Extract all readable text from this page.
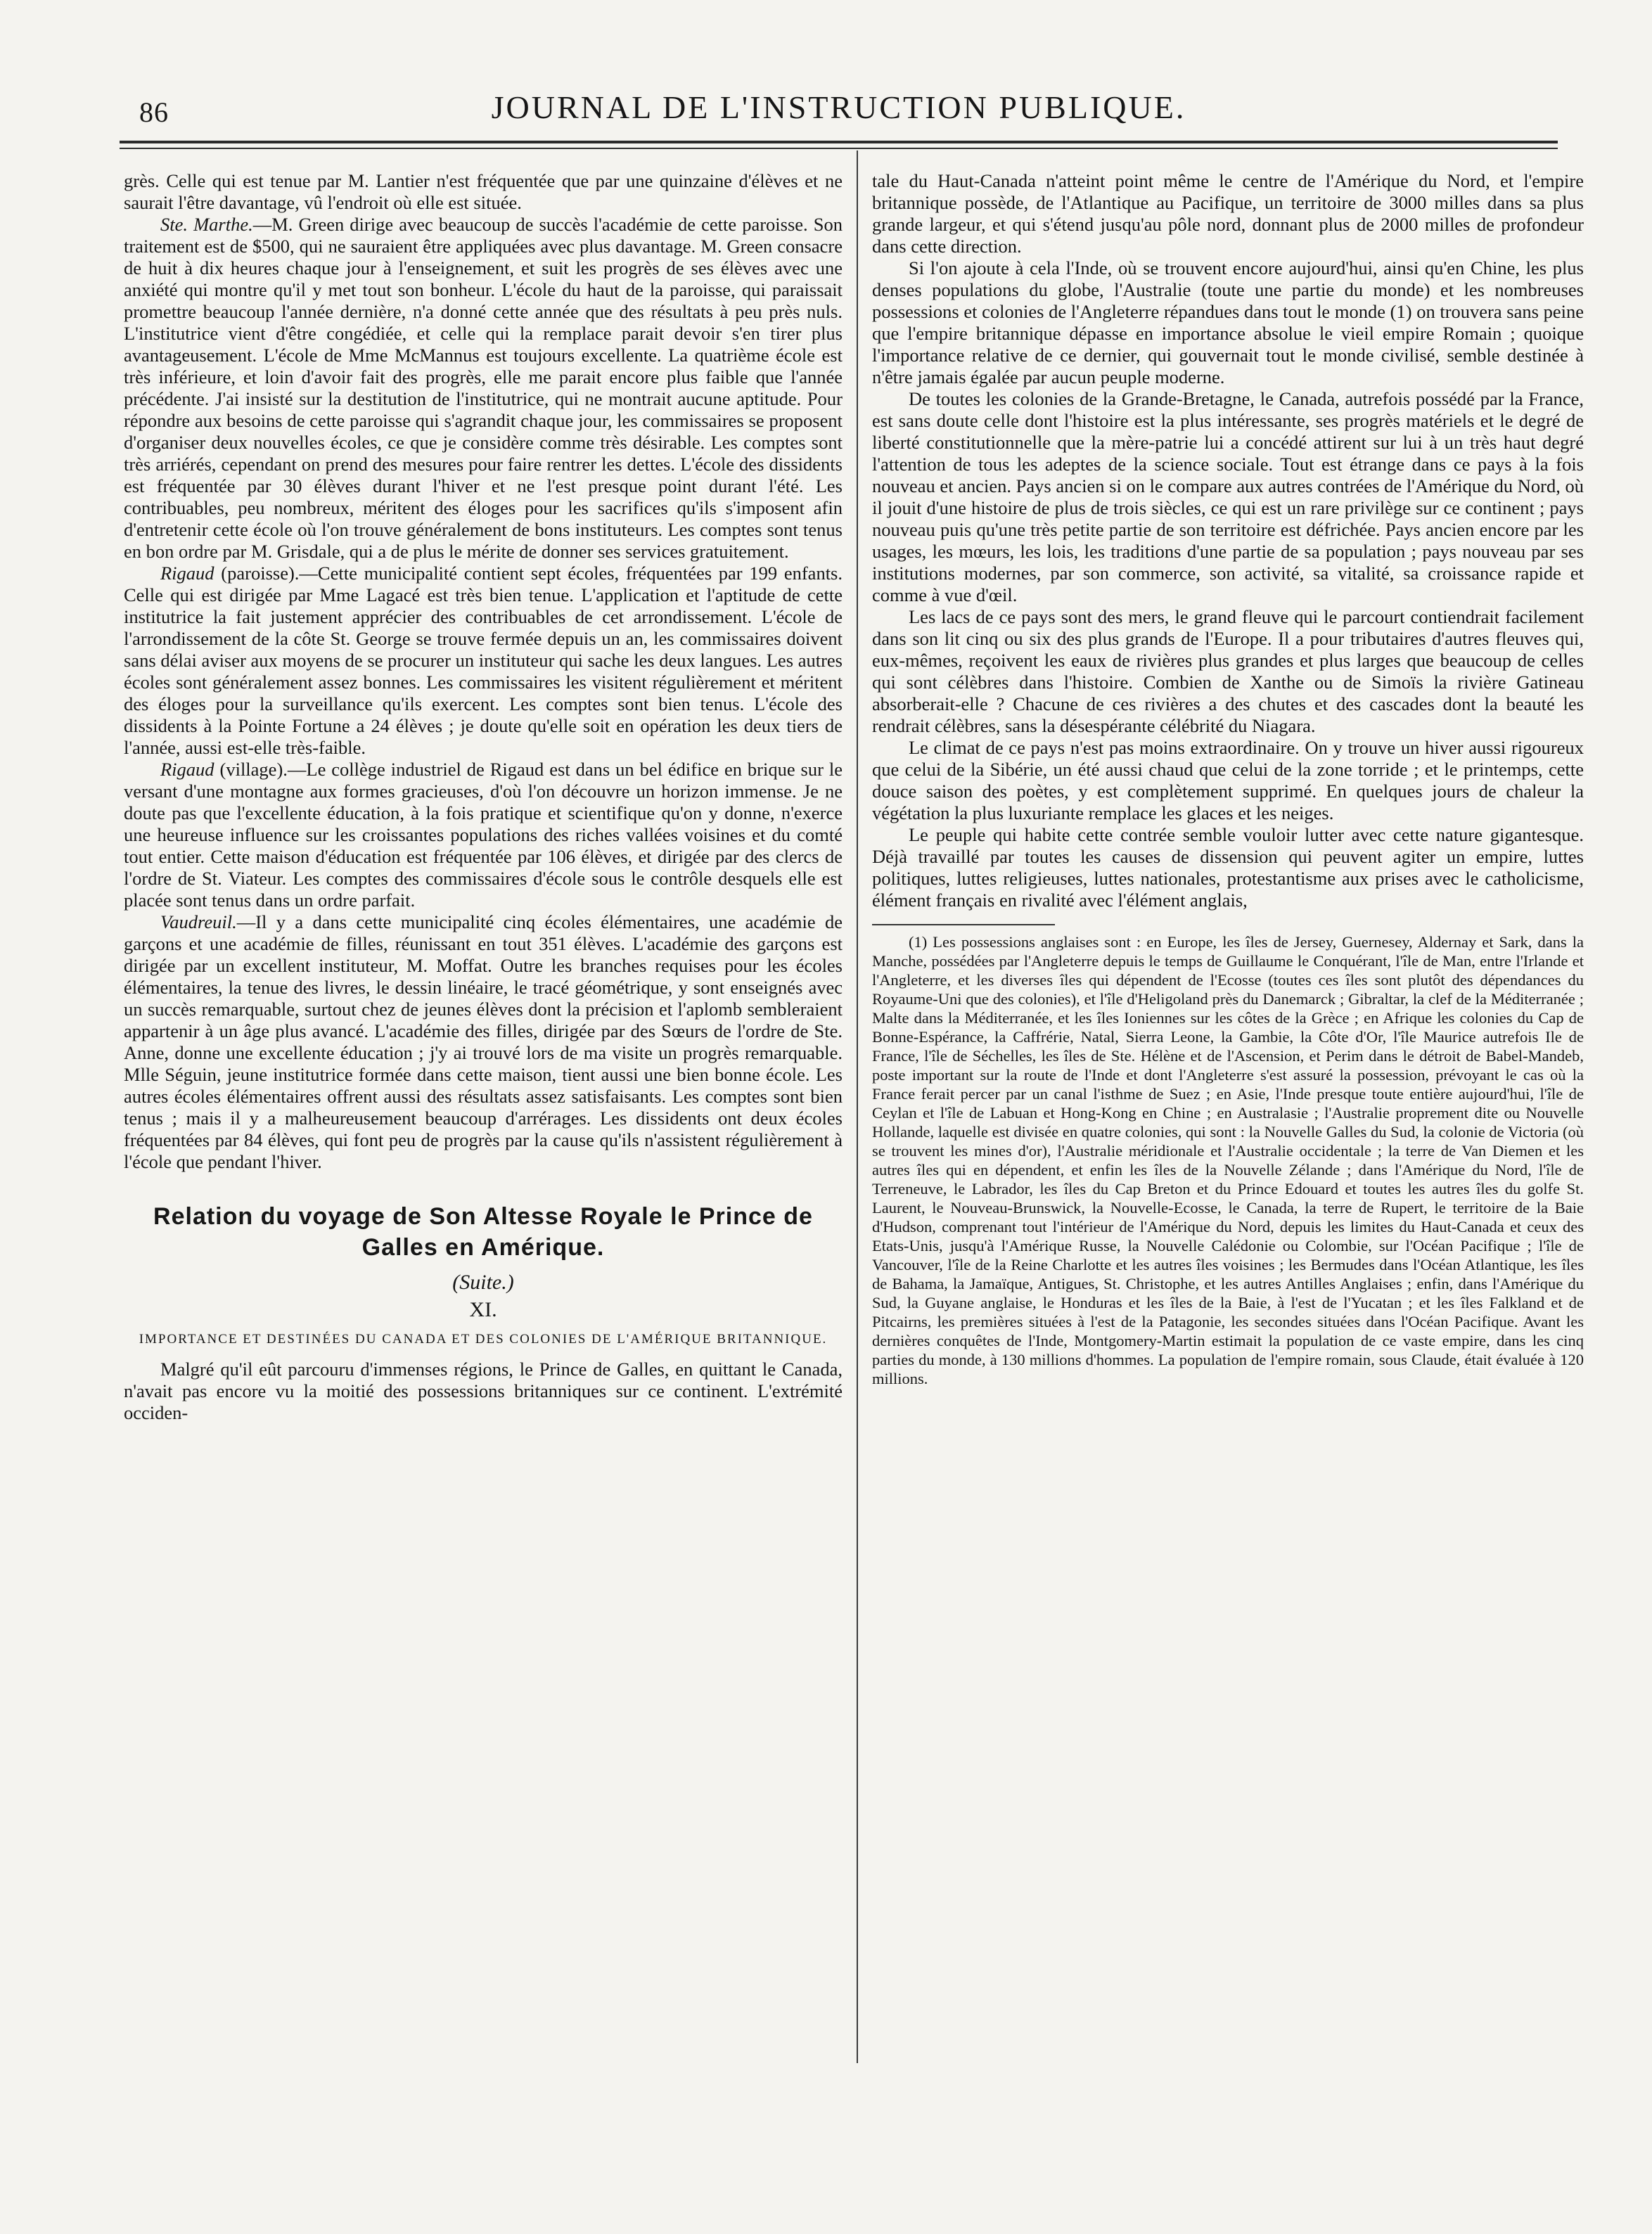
86	JOURNAL DE L'INSTRUCTION PUBLIQUE.

grès. Celle qui est tenue par M. Lantier n'est fréquentée que par une quinzaine d'élèves et ne saurait l'être davantage, vû l'endroit où elle est située.

Ste. Marthe.—M. Green dirige avec beaucoup de succès l'académie de cette paroisse. Son traitement est de $500, qui ne sauraient être appliquées avec plus davantage. M. Green consacre de huit à dix heures chaque jour à l'enseignement, et suit les progrès de ses élèves avec une anxiété qui montre qu'il y met tout son bonheur. L'école du haut de la paroisse, qui paraissait promettre beaucoup l'année dernière, n'a donné cette année que des résultats à peu près nuls. L'institutrice vient d'être congédiée, et celle qui la remplace parait devoir s'en tirer plus avantageusement. L'école de Mme McMannus est toujours excellente. La quatrième école est très inférieure, et loin d'avoir fait des progrès, elle me parait encore plus faible que l'année précédente. J'ai insisté sur la destitution de l'institutrice, qui ne montrait aucune aptitude. Pour répondre aux besoins de cette paroisse qui s'agrandit chaque jour, les commissaires se proposent d'organiser deux nouvelles écoles, ce que je considère comme très désirable. Les comptes sont très arriérés, cependant on prend des mesures pour faire rentrer les dettes. L'école des dissidents est fréquentée par 30 élèves durant l'hiver et ne l'est presque point durant l'été. Les contribuables, peu nombreux, méritent des éloges pour les sacrifices qu'ils s'imposent afin d'entretenir cette école où l'on trouve généralement de bons instituteurs. Les comptes sont tenus en bon ordre par M. Grisdale, qui a de plus le mérite de donner ses services gratuitement.

Rigaud (paroisse).—Cette municipalité contient sept écoles, fréquentées par 199 enfants. Celle qui est dirigée par Mme Lagacé est très bien tenue. L'application et l'aptitude de cette institutrice la fait justement apprécier des contribuables de cet arrondissement. L'école de l'arrondissement de la côte St. George se trouve fermée depuis un an, les commissaires doivent sans délai aviser aux moyens de se procurer un instituteur qui sache les deux langues. Les autres écoles sont généralement assez bonnes. Les commissaires les visitent régulièrement et méritent des éloges pour la surveillance qu'ils exercent. Les comptes sont bien tenus. L'école des dissidents à la Pointe Fortune a 24 élèves ; je doute qu'elle soit en opération les deux tiers de l'année, aussi est-elle très-faible.

Rigaud (village).—Le collège industriel de Rigaud est dans un bel édifice en brique sur le versant d'une montagne aux formes gracieuses, d'où l'on découvre un horizon immense. Je ne doute pas que l'excellente éducation, à la fois pratique et scientifique qu'on y donne, n'exerce une heureuse influence sur les croissantes populations des riches vallées voisines et du comté tout entier. Cette maison d'éducation est fréquentée par 106 élèves, et dirigée par des clercs de l'ordre de St. Viateur. Les comptes des commissaires d'école sous le contrôle desquels elle est placée sont tenus dans un ordre parfait.

Vaudreuil.—Il y a dans cette municipalité cinq écoles élémentaires, une académie de garçons et une académie de filles, réunissant en tout 351 élèves. L'académie des garçons est dirigée par un excellent instituteur, M. Moffat. Outre les branches requises pour les écoles élémentaires, la tenue des livres, le dessin linéaire, le tracé géométrique, y sont enseignés avec un succès remarquable, surtout chez de jeunes élèves dont la précision et l'aplomb sembleraient appartenir à un âge plus avancé. L'académie des filles, dirigée par des Sœurs de l'ordre de Ste. Anne, donne une excellente éducation ; j'y ai trouvé lors de ma visite un progrès remarquable. Mlle Séguin, jeune institutrice formée dans cette maison, tient aussi une bien bonne école. Les autres écoles élémentaires offrent aussi des résultats assez satisfaisants. Les comptes sont bien tenus ; mais il y a malheureusement beaucoup d'arrérages. Les dissidents ont deux écoles fréquentées par 84 élèves, qui font peu de progrès par la cause qu'ils n'assistent régulièrement à l'école que pendant l'hiver.

Relation du voyage de Son Altesse Royale le Prince de Galles en Amérique.
(Suite.)
XI.
IMPORTANCE ET DESTINÉES DU CANADA ET DES COLONIES DE L'AMÉRIQUE BRITANNIQUE.

Malgré qu'il eût parcouru d'immenses régions, le Prince de Galles, en quittant le Canada, n'avait pas encore vu la moitié des possessions britanniques sur ce continent. L'extrémité occiden-

tale du Haut-Canada n'atteint point même le centre de l'Amérique du Nord, et l'empire britannique possède, de l'Atlantique au Pacifique, un territoire de 3000 milles dans sa plus grande largeur, et qui s'étend jusqu'au pôle nord, donnant plus de 2000 milles de profondeur dans cette direction.

Si l'on ajoute à cela l'Inde, où se trouvent encore aujourd'hui, ainsi qu'en Chine, les plus denses populations du globe, l'Australie (toute une partie du monde) et les nombreuses possessions et colonies de l'Angleterre répandues dans tout le monde (1) on trouvera sans peine que l'empire britannique dépasse en importance absolue le vieil empire Romain ; quoique l'importance relative de ce dernier, qui gouvernait tout le monde civilisé, semble destinée à n'être jamais égalée par aucun peuple moderne.

De toutes les colonies de la Grande-Bretagne, le Canada, autrefois possédé par la France, est sans doute celle dont l'histoire est la plus intéressante, ses progrès matériels et le degré de liberté constitutionnelle que la mère-patrie lui a concédé attirent sur lui à un très haut degré l'attention de tous les adeptes de la science sociale. Tout est étrange dans ce pays à la fois nouveau et ancien. Pays ancien si on le compare aux autres contrées de l'Amérique du Nord, où il jouit d'une histoire de plus de trois siècles, ce qui est un rare privilège sur ce continent ; pays nouveau puis qu'une très petite partie de son territoire est défrichée. Pays ancien encore par les usages, les mœurs, les lois, les traditions d'une partie de sa population ; pays nouveau par ses institutions modernes, par son commerce, son activité, sa vitalité, sa croissance rapide et comme à vue d'œil.

Les lacs de ce pays sont des mers, le grand fleuve qui le parcourt contiendrait facilement dans son lit cinq ou six des plus grands de l'Europe. Il a pour tributaires d'autres fleuves qui, eux-mêmes, reçoivent les eaux de rivières plus grandes et plus larges que beaucoup de celles qui sont célèbres dans l'histoire. Combien de Xanthe ou de Simoïs la rivière Gatineau absorberait-elle ? Chacune de ces rivières a des chutes et des cascades dont la beauté les rendrait célèbres, sans la désespérante célébrité du Niagara.

Le climat de ce pays n'est pas moins extraordinaire. On y trouve un hiver aussi rigoureux que celui de la Sibérie, un été aussi chaud que celui de la zone torride ; et le printemps, cette douce saison des poètes, y est complètement supprimé. En quelques jours de chaleur la végétation la plus luxuriante remplace les glaces et les neiges.

Le peuple qui habite cette contrée semble vouloir lutter avec cette nature gigantesque. Déjà travaillé par toutes les causes de dissension qui peuvent agiter un empire, luttes politiques, luttes religieuses, luttes nationales, protestantisme aux prises avec le catholicisme, élément français en rivalité avec l'élément anglais,

(1) Les possessions anglaises sont : en Europe, les îles de Jersey, Guernesey, Aldernay et Sark, dans la Manche, possédées par l'Angleterre depuis le temps de Guillaume le Conquérant, l'île de Man, entre l'Irlande et l'Angleterre, et les diverses îles qui dépendent de l'Ecosse (toutes ces îles sont plutôt des dépendances du Royaume-Uni que des colonies), et l'île d'Heligoland près du Danemarck ; Gibraltar, la clef de la Méditerranée ; Malte dans la Méditerranée, et les îles Ioniennes sur les côtes de la Grèce ; en Afrique les colonies du Cap de Bonne-Espérance, la Caffrérie, Natal, Sierra Leone, la Gambie, la Côte d'Or, l'île Maurice autrefois Ile de France, l'île de Séchelles, les îles de Ste. Hélène et de l'Ascension, et Perim dans le détroit de Babel-Mandeb, poste important sur la route de l'Inde et dont l'Angleterre s'est assuré la possession, prévoyant le cas où la France ferait percer par un canal l'isthme de Suez ; en Asie, l'Inde presque toute entière aujourd'hui, l'île de Ceylan et l'île de Labuan et Hong-Kong en Chine ; en Australasie ; l'Australie proprement dite ou Nouvelle Hollande, laquelle est divisée en quatre colonies, qui sont : la Nouvelle Galles du Sud, la colonie de Victoria (où se trouvent les mines d'or), l'Australie méridionale et l'Australie occidentale ; la terre de Van Diemen et les autres îles qui en dépendent, et enfin les îles de la Nouvelle Zélande ; dans l'Amérique du Nord, l'île de Terreneuve, le Labrador, les îles du Cap Breton et du Prince Edouard et toutes les autres îles du golfe St. Laurent, le Nouveau-Brunswick, la Nouvelle-Ecosse, le Canada, la terre de Rupert, le territoire de la Baie d'Hudson, comprenant tout l'intérieur de l'Amérique du Nord, depuis les limites du Haut-Canada et ceux des Etats-Unis, jusqu'à l'Amérique Russe, la Nouvelle Calédonie ou Colombie, sur l'Océan Pacifique ; l'île de Vancouver, l'île de la Reine Charlotte et les autres îles voisines ; les Bermudes dans l'Océan Atlantique, les îles de Bahama, la Jamaïque, Antigues, St. Christophe, et les autres Antilles Anglaises ; enfin, dans l'Amérique du Sud, la Guyane anglaise, le Honduras et les îles de la Baie, à l'est de l'Yucatan ; et les îles Falkland et de Pitcairns, les premières situées à l'est de la Patagonie, les secondes situées dans l'Océan Pacifique. Avant les dernières conquêtes de l'Inde, Montgomery-Martin estimait la population de ce vaste empire, dans les cinq parties du monde, à 130 millions d'hommes. La population de l'empire romain, sous Claude, était évaluée à 120 millions.
